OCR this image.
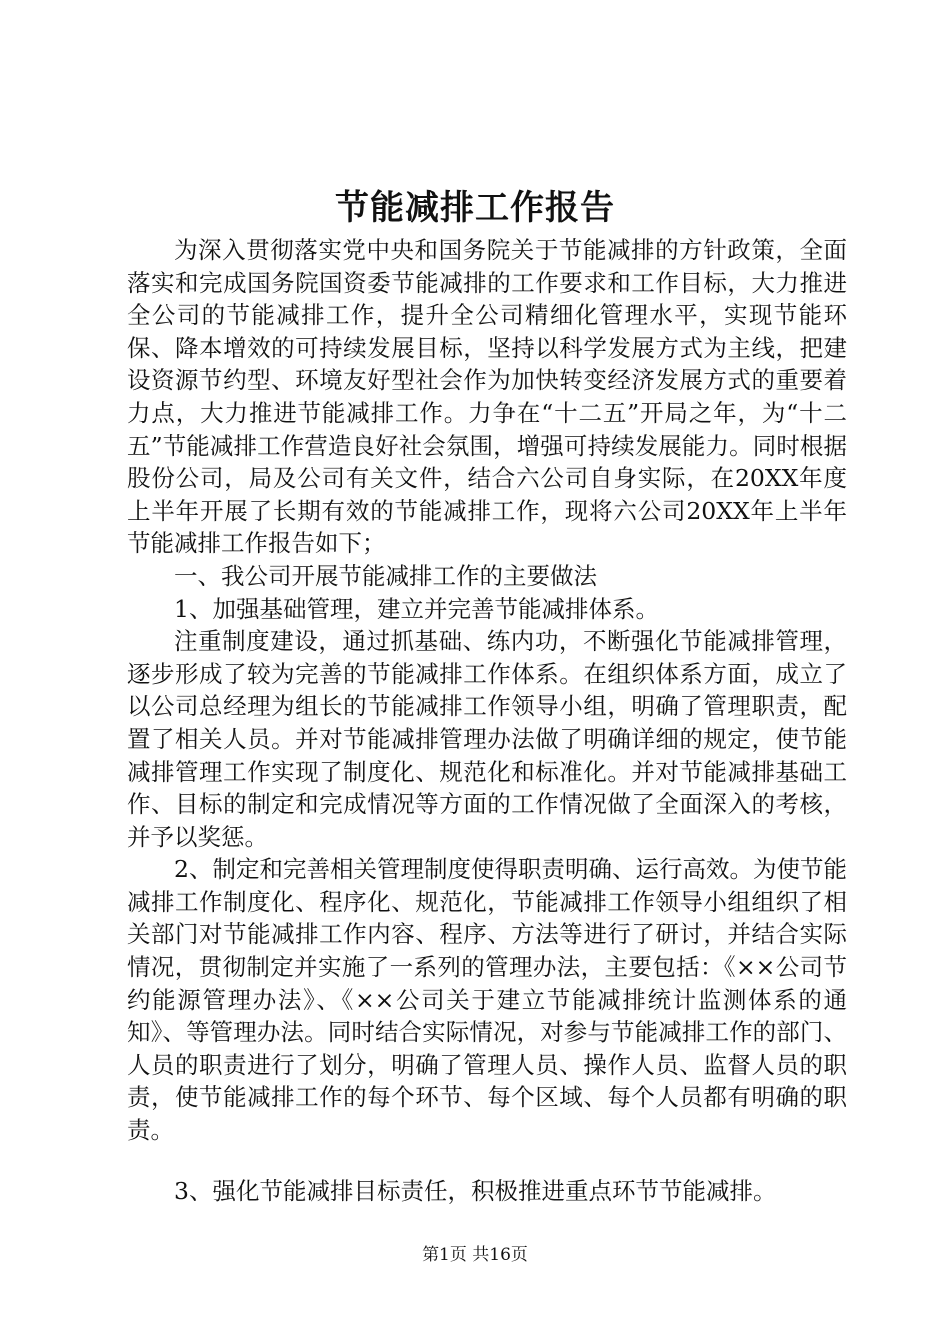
节能减排工作报告

为深入贯彻落实党中央和国务院关于节能减排的方针政策，全面落实和完成国务院国资委节能减排的工作要求和工作目标，大力推进全公司的节能减排工作，提升全公司精细化管理水平，实现节能环保、降本增效的可持续发展目标，坚持以科学发展方式为主线，把建设资源节约型、环境友好型社会作为加快转变经济发展方式的重要着力点，大力推进节能减排工作。力争在“十二五”开局之年，为“十二五”节能减排工作营造良好社会氛围，增强可持续发展能力。同时根据股份公司，局及公司有关文件，结合六公司自身实际，在20XX年度上半年开展了长期有效的节能减排工作，现将六公司20XX年上半年节能减排工作报告如下；

一、我公司开展节能减排工作的主要做法

1、加强基础管理，建立并完善节能减排体系。

注重制度建设，通过抓基础、练内功，不断强化节能减排管理，逐步形成了较为完善的节能减排工作体系。在组织体系方面，成立了以公司总经理为组长的节能减排工作领导小组，明确了管理职责，配置了相关人员。并对节能减排管理办法做了明确详细的规定，使节能减排管理工作实现了制度化、规范化和标准化。并对节能减排基础工作、目标的制定和完成情况等方面的工作情况做了全面深入的考核，并予以奖惩。

2、制定和完善相关管理制度使得职责明确、运行高效。为使节能减排工作制度化、程序化、规范化，节能减排工作领导小组组织了相关部门对节能减排工作内容、程序、方法等进行了研讨，并结合实际情况，贯彻制定并实施了一系列的管理办法，主要包括：《××公司节约能源管理办法》、《××公司关于建立节能减排统计监测体系的通知》、等管理办法。同时结合实际情况，对参与节能减排工作的部门、人员的职责进行了划分，明确了管理人员、操作人员、监督人员的职责，使节能减排工作的每个环节、每个区域、每个人员都有明确的职责。

3、强化节能减排目标责任，积极推进重点环节节能减排。

第1页 共16页
